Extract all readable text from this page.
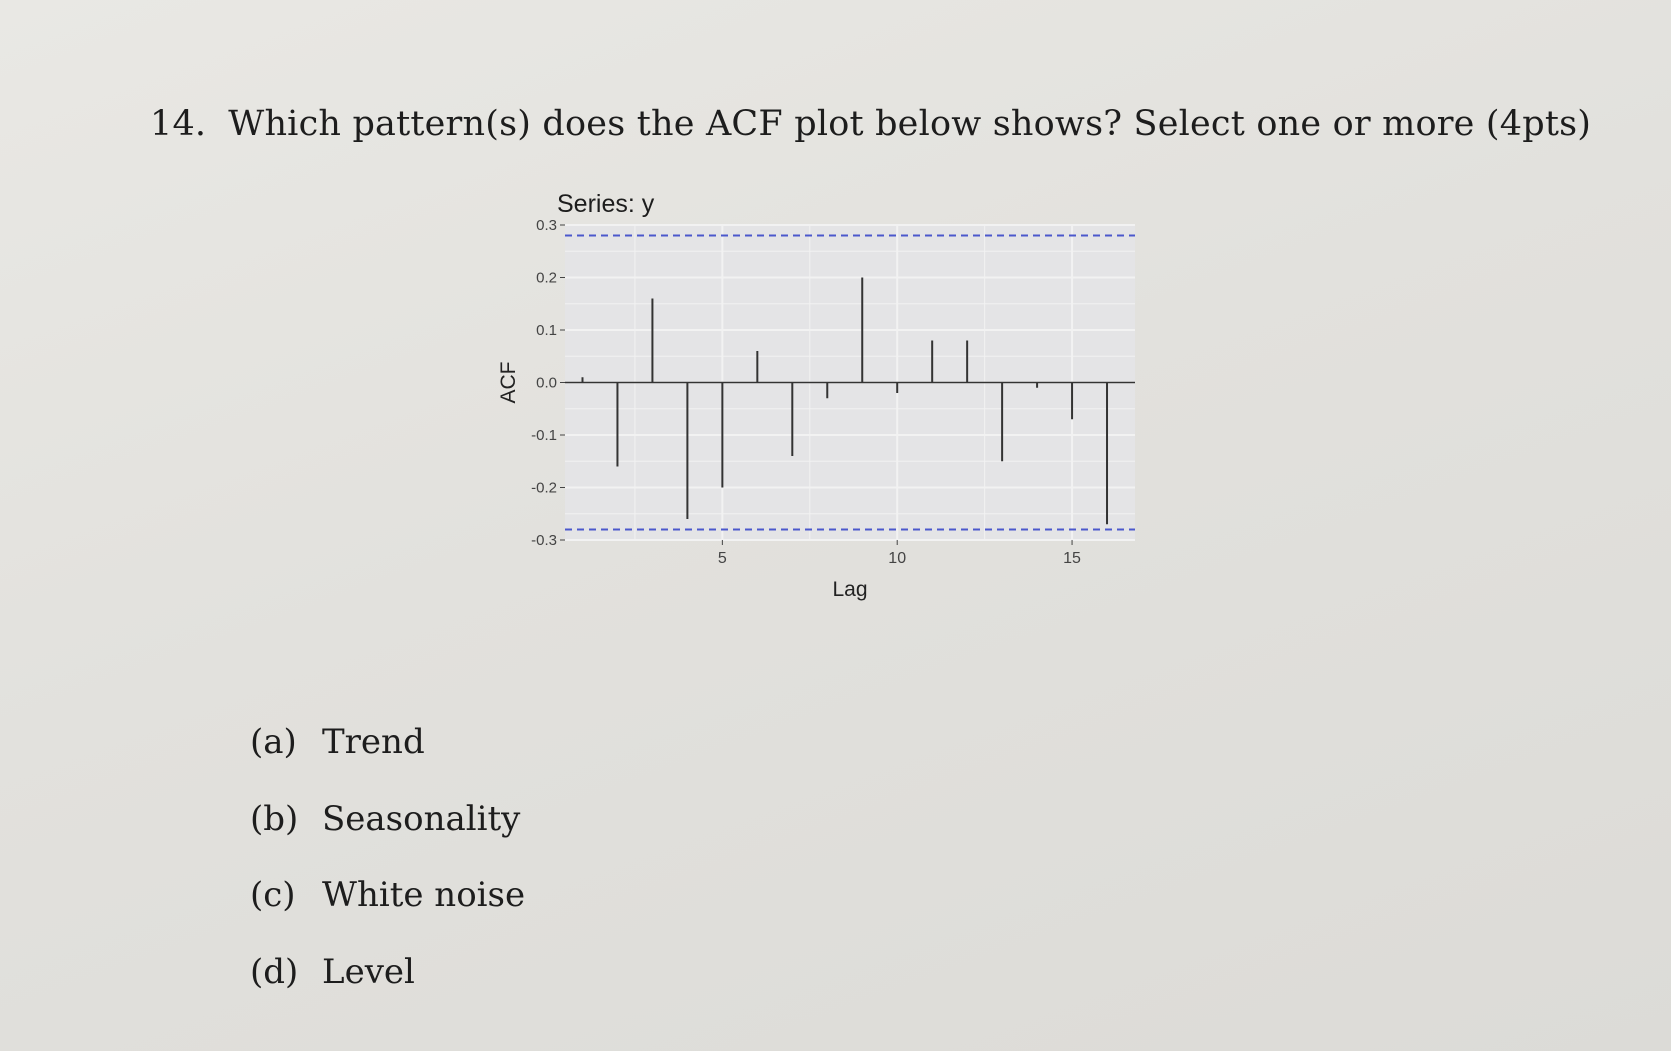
14. Which pattern(s) does the ACF plot below shows? Select one or more (4pts)
Series: y
0.3
0.2
0.1
0.0
-0.1
-0.2
-0.3
5	10	15
Lag
ACF
(a) Trend
(b) Seasonality
(c) White noise
(d) Level
